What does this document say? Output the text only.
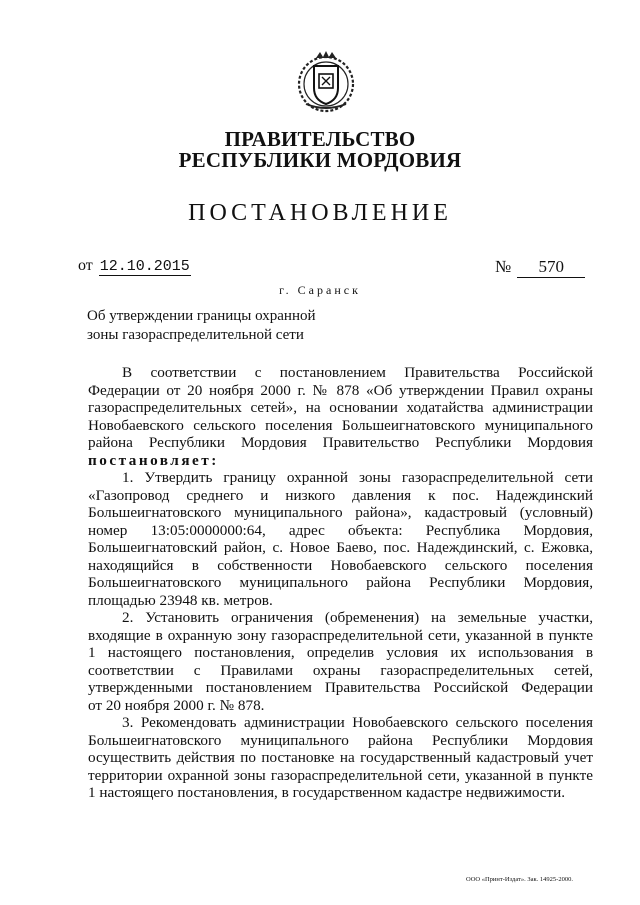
ПРАВИТЕЛЬСТВО
РЕСПУБЛИКИ МОРДОВИЯ
ПОСТАНОВЛЕНИЕ
от 12.10.2015	№ 570
г. Саранск
Об утверждении границы охранной
зоны газораспределительной сети
В соответствии с постановлением Правительства Российской
Федерации от 20 ноября 2000 г. № 878 «Об утверждении Правил охраны
газораспределительных сетей», на основании ходатайства администрации
Новобаевского сельского поселения Большеигнатовского муниципального
района Республики Мордовия Правительство Республики Мордовия
постановляет:
1. Утвердить границу охранной зоны газораспределительной сети
«Газопровод среднего и низкого давления к пос. Надеждинский
Большеигнатовского муниципального района», кадастровый (условный)
номер 13:05:0000000:64, адрес объекта: Республика Мордовия,
Большеигнатовский район, с. Новое Баево, пос. Надеждинский, с. Ежовка,
находящийся в собственности Новобаевского сельского поселения
Большеигнатовского муниципального района Республики Мордовия,
площадью 23948 кв. метров.
2. Установить ограничения (обременения) на земельные участки,
входящие в охранную зону газораспределительной сети, указанной в пункте
1 настоящего постановления, определив условия их использования в
соответствии с Правилами охраны газораспределительных сетей,
утвержденными постановлением Правительства Российской Федерации
от 20 ноября 2000 г. № 878.
3. Рекомендовать администрации Новобаевского сельского поселения
Большеигнатовского муниципального района Республики Мордовия
осуществить действия по постановке на государственный кадастровый учет
территории охранной зоны газораспределительной сети, указанной в пункте
1 настоящего постановления, в государственном кадастре недвижимости.
ООО «Принт-Издат». Зак. 14925-2000.
